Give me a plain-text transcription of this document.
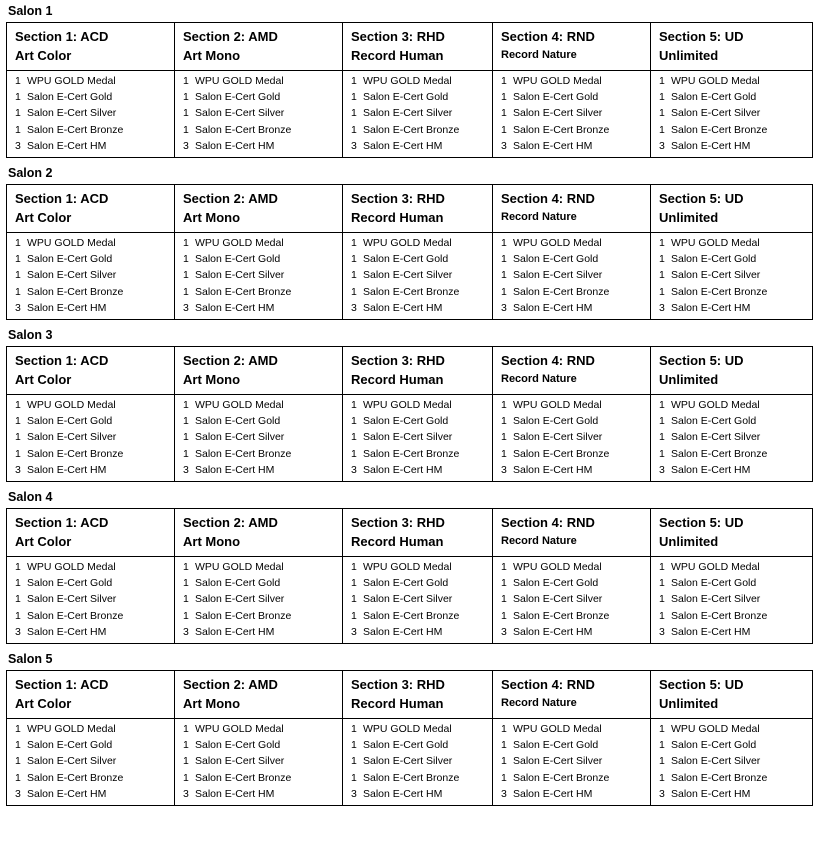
Salon 1
Section 1: ACD
Art Color

Section 2: AMD
Art Mono

Section 3: RHD
Record Human

Section 4: RND
Record Nature

Section 5: UD
Unlimited

1 WPU GOLD Medal
1 Salon E-Cert Gold
1 Salon E-Cert Silver
1 Salon E-Cert Bronze
3 Salon E-Cert HM

1 WPU GOLD Medal
1 Salon E-Cert Gold
1 Salon E-Cert Silver
1 Salon E-Cert Bronze
3 Salon E-Cert HM

1 WPU GOLD Medal
1 Salon E-Cert Gold
1 Salon E-Cert Silver
1 Salon E-Cert Bronze
3 Salon E-Cert HM

1 WPU GOLD Medal
1 Salon E-Cert Gold
1 Salon E-Cert Silver
1 Salon E-Cert Bronze
3 Salon E-Cert HM

1 WPU GOLD Medal
1 Salon E-Cert Gold
1 Salon E-Cert Silver
1 Salon E-Cert Bronze
3 Salon E-Cert HM
Salon 2
Section 1: ACD
Art Color

Section 2: AMD
Art Mono

Section 3: RHD
Record Human

Section 4: RND
Record Nature

Section 5: UD
Unlimited

1 WPU GOLD Medal
1 Salon E-Cert Gold
1 Salon E-Cert Silver
1 Salon E-Cert Bronze
3 Salon E-Cert HM

1 WPU GOLD Medal
1 Salon E-Cert Gold
1 Salon E-Cert Silver
1 Salon E-Cert Bronze
3 Salon E-Cert HM

1 WPU GOLD Medal
1 Salon E-Cert Gold
1 Salon E-Cert Silver
1 Salon E-Cert Bronze
3 Salon E-Cert HM

1 WPU GOLD Medal
1 Salon E-Cert Gold
1 Salon E-Cert Silver
1 Salon E-Cert Bronze
3 Salon E-Cert HM

1 WPU GOLD Medal
1 Salon E-Cert Gold
1 Salon E-Cert Silver
1 Salon E-Cert Bronze
3 Salon E-Cert HM
Salon 3
Section 1: ACD
Art Color

Section 2: AMD
Art Mono

Section 3: RHD
Record Human

Section 4: RND
Record Nature

Section 5: UD
Unlimited

1 WPU GOLD Medal
1 Salon E-Cert Gold
1 Salon E-Cert Silver
1 Salon E-Cert Bronze
3 Salon E-Cert HM

1 WPU GOLD Medal
1 Salon E-Cert Gold
1 Salon E-Cert Silver
1 Salon E-Cert Bronze
3 Salon E-Cert HM

1 WPU GOLD Medal
1 Salon E-Cert Gold
1 Salon E-Cert Silver
1 Salon E-Cert Bronze
3 Salon E-Cert HM

1 WPU GOLD Medal
1 Salon E-Cert Gold
1 Salon E-Cert Silver
1 Salon E-Cert Bronze
3 Salon E-Cert HM

1 WPU GOLD Medal
1 Salon E-Cert Gold
1 Salon E-Cert Silver
1 Salon E-Cert Bronze
3 Salon E-Cert HM
Salon 4
Section 1: ACD
Art Color

Section 2: AMD
Art Mono

Section 3: RHD
Record Human

Section 4: RND
Record Nature

Section 5: UD
Unlimited

1 WPU GOLD Medal
1 Salon E-Cert Gold
1 Salon E-Cert Silver
1 Salon E-Cert Bronze
3 Salon E-Cert HM

1 WPU GOLD Medal
1 Salon E-Cert Gold
1 Salon E-Cert Silver
1 Salon E-Cert Bronze
3 Salon E-Cert HM

1 WPU GOLD Medal
1 Salon E-Cert Gold
1 Salon E-Cert Silver
1 Salon E-Cert Bronze
3 Salon E-Cert HM

1 WPU GOLD Medal
1 Salon E-Cert Gold
1 Salon E-Cert Silver
1 Salon E-Cert Bronze
3 Salon E-Cert HM

1 WPU GOLD Medal
1 Salon E-Cert Gold
1 Salon E-Cert Silver
1 Salon E-Cert Bronze
3 Salon E-Cert HM
Salon 5
Section 1: ACD
Art Color

Section 2: AMD
Art Mono

Section 3: RHD
Record Human

Section 4: RND
Record Nature

Section 5: UD
Unlimited

1 WPU GOLD Medal
1 Salon E-Cert Gold
1 Salon E-Cert Silver
1 Salon E-Cert Bronze
3 Salon E-Cert HM

1 WPU GOLD Medal
1 Salon E-Cert Gold
1 Salon E-Cert Silver
1 Salon E-Cert Bronze
3 Salon E-Cert HM

1 WPU GOLD Medal
1 Salon E-Cert Gold
1 Salon E-Cert Silver
1 Salon E-Cert Bronze
3 Salon E-Cert HM

1 WPU GOLD Medal
1 Salon E-Cert Gold
1 Salon E-Cert Silver
1 Salon E-Cert Bronze
3 Salon E-Cert HM

1 WPU GOLD Medal
1 Salon E-Cert Gold
1 Salon E-Cert Silver
1 Salon E-Cert Bronze
3 Salon E-Cert HM
